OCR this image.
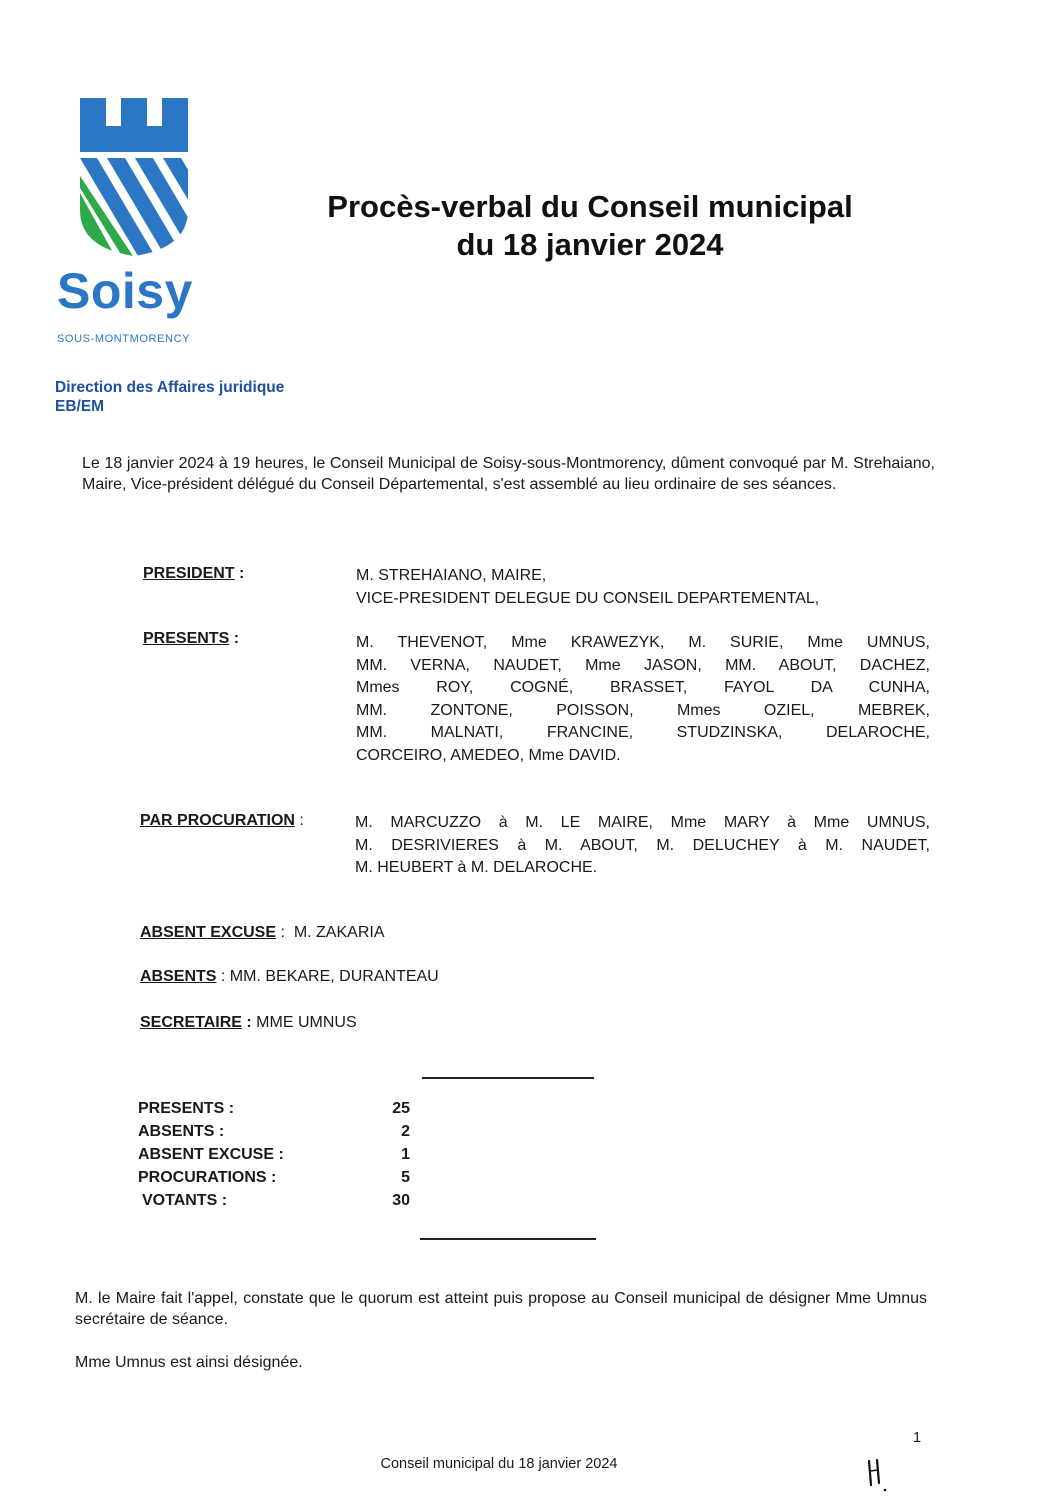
Soisy
SOUS-MONTMORENCY
Procès-verbal du Conseil municipal
du 18 janvier 2024
Direction des Affaires juridique
EB/EM
Le 18 janvier 2024 à 19 heures, le Conseil Municipal de Soisy-sous-Montmorency, dûment convoqué par M. Strehaiano, Maire, Vice-président délégué du Conseil Départemental, s'est assemblé au lieu ordinaire de ses séances.
PRESIDENT :	M. STREHAIANO, MAIRE,
VICE-PRESIDENT DELEGUE DU CONSEIL DEPARTEMENTAL,
PRESENTS :	M. THEVENOT, Mme KRAWEZYK, M. SURIE, Mme UMNUS,
MM. VERNA, NAUDET, Mme JASON, MM. ABOUT, DACHEZ,
Mmes ROY, COGNÉ, BRASSET, FAYOL DA CUNHA,
MM. ZONTONE, POISSON, Mmes OZIEL, MEBREK,
MM. MALNATI, FRANCINE, STUDZINSKA, DELAROCHE,
CORCEIRO, AMEDEO, Mme DAVID.
PAR PROCURATION :	M. MARCUZZO à M. LE MAIRE, Mme MARY à Mme UMNUS,
M. DESRIVIERES à M. ABOUT, M. DELUCHEY à M. NAUDET,
M. HEUBERT à M. DELAROCHE.
ABSENT EXCUSE : M. ZAKARIA
ABSENTS : MM. BEKARE, DURANTEAU
SECRETAIRE : MME UMNUS
PRESENTS :	25
ABSENTS :	2
ABSENT EXCUSE :	1
PROCURATIONS :	5
VOTANTS :	30
M. le Maire fait l'appel, constate que le quorum est atteint puis propose au Conseil municipal de désigner Mme Umnus secrétaire de séance.
Mme Umnus est ainsi désignée.
Conseil municipal du 18 janvier 2024
1
